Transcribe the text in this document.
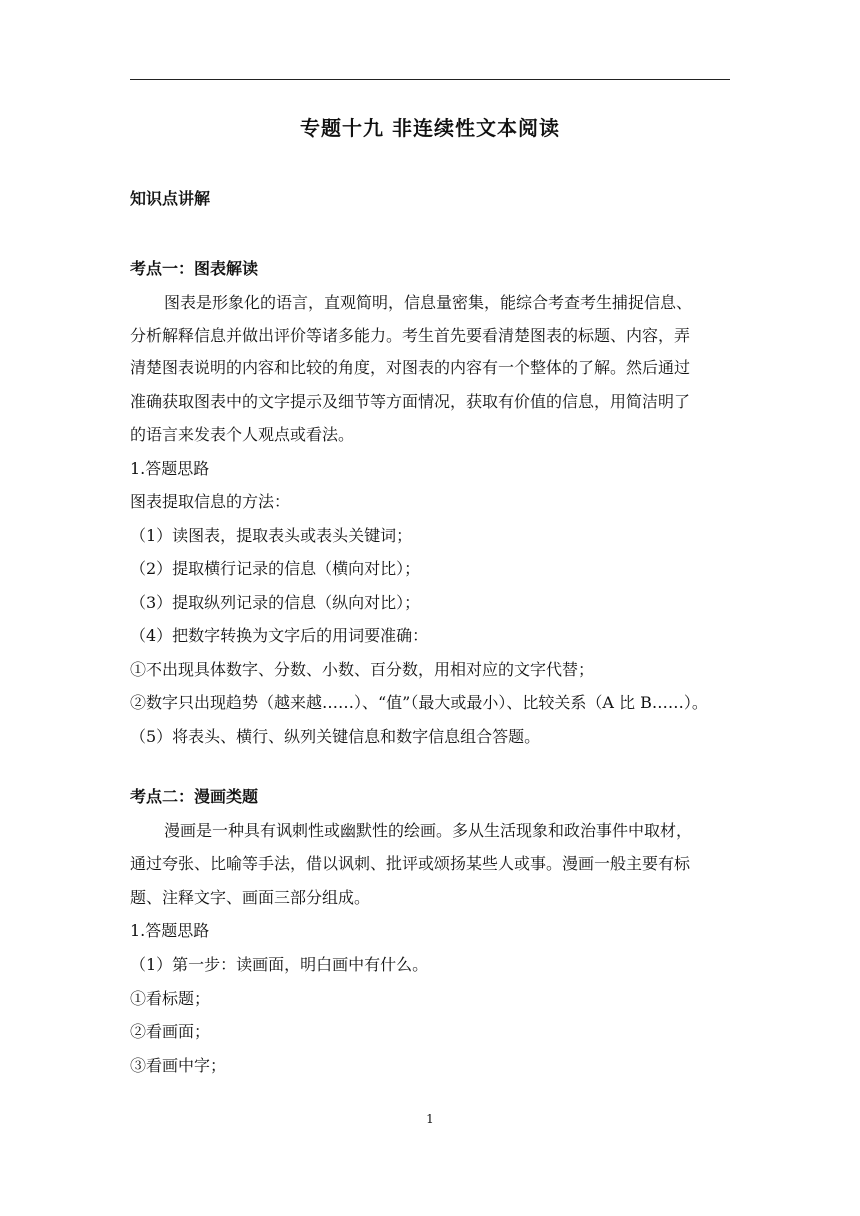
专题十九 非连续性文本阅读
知识点讲解
考点一：图表解读
图表是形象化的语言，直观简明，信息量密集，能综合考查考生捕捉信息、
分析解释信息并做出评价等诸多能力。考生首先要看清楚图表的标题、内容，弄
清楚图表说明的内容和比较的角度，对图表的内容有一个整体的了解。然后通过
准确获取图表中的文字提示及细节等方面情况，获取有价值的信息，用简洁明了
的语言来发表个人观点或看法。
1.答题思路
图表提取信息的方法：
（1）读图表，提取表头或表头关键词；
（2）提取横行记录的信息（横向对比）；
（3）提取纵列记录的信息（纵向对比）；
（4）把数字转换为文字后的用词要准确：
①不出现具体数字、分数、小数、百分数，用相对应的文字代替；
②数字只出现趋势（越来越……）、“值”（最大或最小）、比较关系（A 比 B……）。
（5）将表头、横行、纵列关键信息和数字信息组合答题。
考点二：漫画类题
漫画是一种具有讽刺性或幽默性的绘画。多从生活现象和政治事件中取材，
通过夸张、比喻等手法，借以讽刺、批评或颂扬某些人或事。漫画一般主要有标
题、注释文字、画面三部分组成。
1.答题思路
（1）第一步：读画面，明白画中有什么。
①看标题；
②看画面；
③看画中字；
1
